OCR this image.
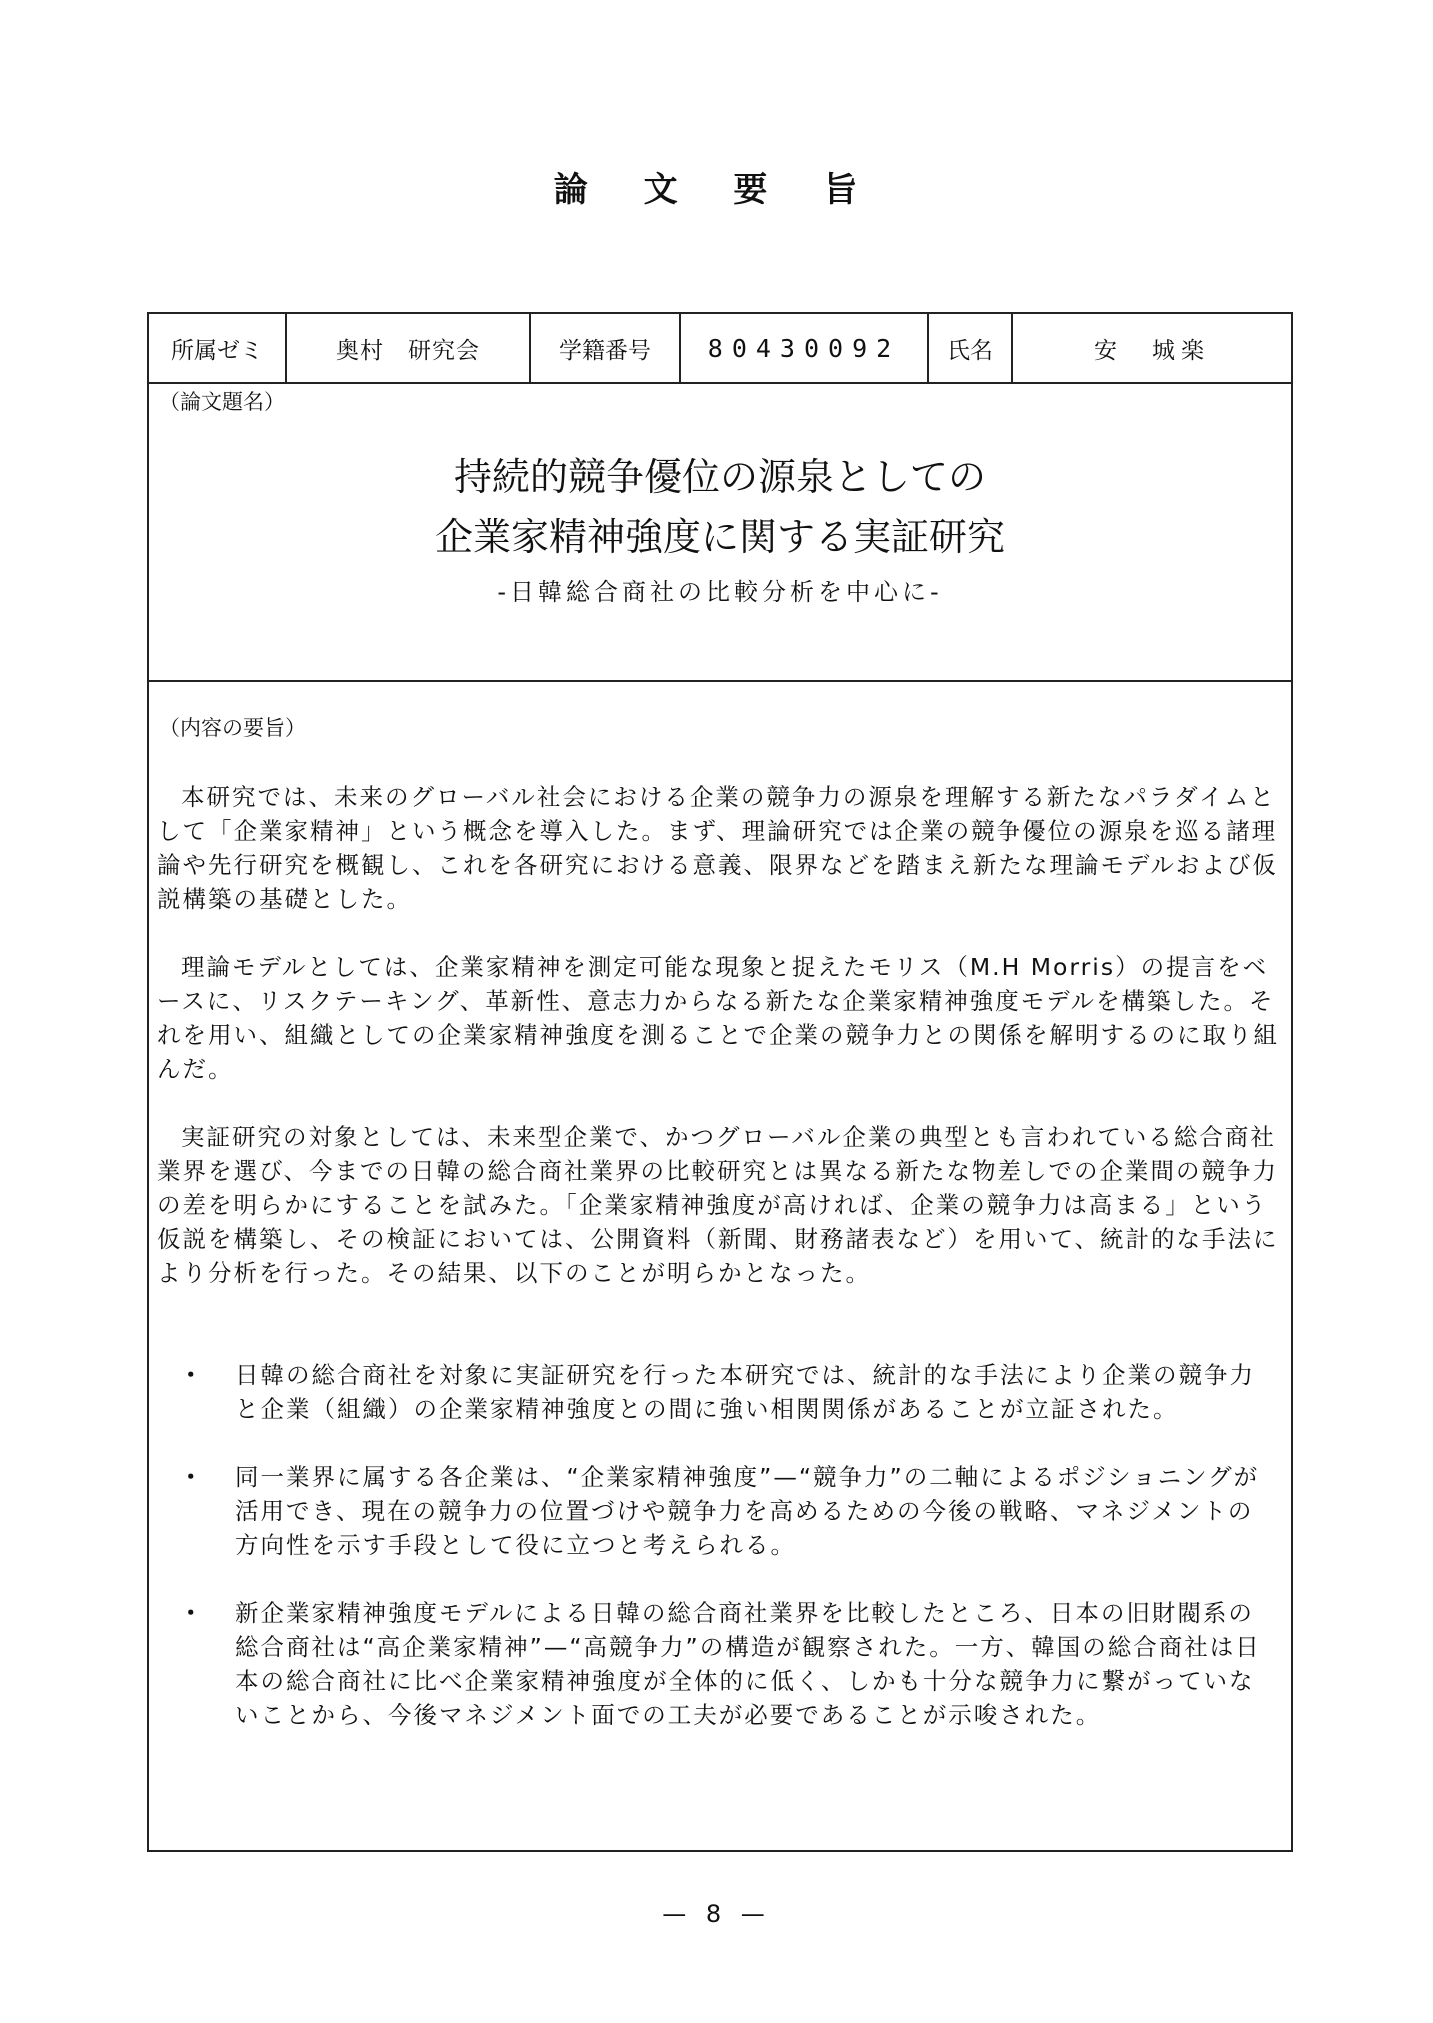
論 文 要 旨
所属ゼミ	奥村　研究会	学籍番号	80430092	氏名	安　城楽
（論文題名）
持続的競争優位の源泉としての
企業家精神強度に関する実証研究
-日韓総合商社の比較分析を中心に-
（内容の要旨）

本研究では、未来のグローバル社会における企業の競争力の源泉を理解する新たなパラダイムとして「企業家精神」という概念を導入した。まず、理論研究では企業の競争優位の源泉を巡る諸理論や先行研究を概観し、これを各研究における意義、限界などを踏まえ新たな理論モデルおよび仮説構築の基礎とした。

理論モデルとしては、企業家精神を測定可能な現象と捉えたモリス（M.H Morris）の提言をベースに、リスクテーキング、革新性、意志力からなる新たな企業家精神強度モデルを構築した。それを用い、組織としての企業家精神強度を測ることで企業の競争力との関係を解明するのに取り組んだ。

実証研究の対象としては、未来型企業で、かつグローバル企業の典型とも言われている総合商社業界を選び、今までの日韓の総合商社業界の比較研究とは異なる新たな物差しでの企業間の競争力の差を明らかにすることを試みた。「企業家精神強度が高ければ、企業の競争力は高まる」という仮説を構築し、その検証においては、公開資料（新聞、財務諸表など）を用いて、統計的な手法により分析を行った。その結果、以下のことが明らかとなった。

・ 日韓の総合商社を対象に実証研究を行った本研究では、統計的な手法により企業の競争力と企業（組織）の企業家精神強度との間に強い相関関係があることが立証された。
・ 同一業界に属する各企業は、“企業家精神強度”—“競争力”の二軸によるポジショニングが活用でき、現在の競争力の位置づけや競争力を高めるための今後の戦略、マネジメントの方向性を示す手段として役に立つと考えられる。
・ 新企業家精神強度モデルによる日韓の総合商社業界を比較したところ、日本の旧財閥系の総合商社は“高企業家精神”—“高競争力”の構造が観察された。一方、韓国の総合商社は日本の総合商社に比べ企業家精神強度が全体的に低く、しかも十分な競争力に繋がっていないことから、今後マネジメント面での工夫が必要であることが示唆された。
— 8 —
